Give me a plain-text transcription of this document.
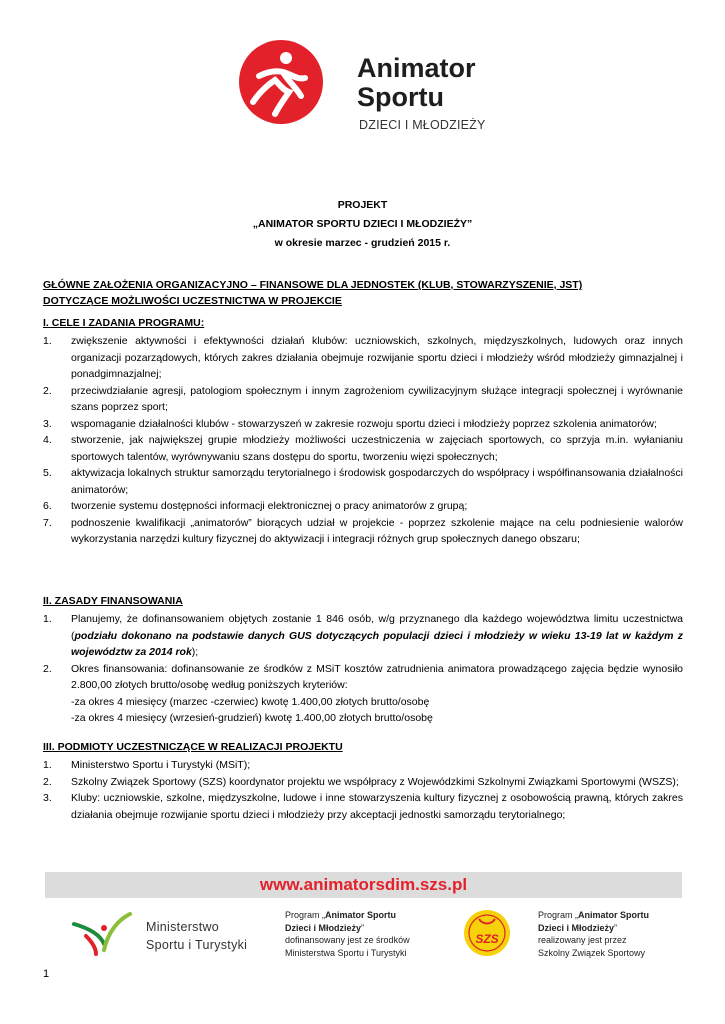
Animator
Sportu
DZIECI I MŁODZIEŻY
PROJEKT
„ANIMATOR SPORTU DZIECI I MŁODZIEŻY”
w okresie marzec - grudzień 2015 r.
GŁÓWNE ZAŁOŻENIA ORGANIZACYJNO – FINANSOWE DLA JEDNOSTEK (KLUB, STOWARZYSZENIE, JST)
DOTYCZĄCE MOŻLIWOŚCI UCZESTNICTWA W PROJEKCIE
I. CELE I ZADANIA PROGRAMU:
1.	zwiększenie aktywności i efektywności działań klubów: uczniowskich, szkolnych, międzyszkolnych, ludowych oraz innych organizacji pozarządowych, których zakres działania obejmuje rozwijanie sportu dzieci i młodzieży wśród młodzieży gimnazjalnej i ponadgimnazjalnej;
2.	przeciwdziałanie agresji, patologiom społecznym i innym zagrożeniom cywilizacyjnym służące integracji społecznej i wyrównanie szans poprzez sport;
3.	wspomaganie działalności klubów - stowarzyszeń w zakresie rozwoju sportu dzieci i młodzieży poprzez szkolenia animatorów;
4.	stworzenie, jak największej grupie młodzieży możliwości uczestniczenia w zajęciach sportowych, co sprzyja m.in. wyłanianiu sportowych talentów, wyrównywaniu szans dostępu do sportu, tworzeniu więzi społecznych;
5.	aktywizacja lokalnych struktur samorządu terytorialnego i środowisk gospodarczych do współpracy i współfinansowania działalności animatorów;
6.	tworzenie systemu dostępności informacji elektronicznej o pracy animatorów z grupą;
7.	podnoszenie kwalifikacji „animatorów” biorących udział w projekcie - poprzez szkolenie mające na celu podniesienie walorów wykorzystania narzędzi kultury fizycznej do aktywizacji i integracji różnych grup społecznych danego obszaru;
II. ZASADY FINANSOWANIA
1.	Planujemy, że dofinansowaniem objętych zostanie 1 846 osób, w/g przyznanego dla każdego województwa limitu uczestnictwa (podziału dokonano na podstawie danych GUS dotyczących populacji dzieci i młodzieży w wieku 13-19 lat w każdym z województw za 2014 rok);
2.	Okres finansowania: dofinansowanie ze środków z MSiT kosztów zatrudnienia animatora prowadzącego zajęcia będzie wynosiło 2.800,00 złotych brutto/osobę według poniższych kryteriów:
-za okres 4 miesięcy (marzec -czerwiec) kwotę 1.400,00 złotych brutto/osobę
-za okres 4 miesięcy (wrzesień-grudzień) kwotę 1.400,00 złotych brutto/osobę
III. PODMIOTY UCZESTNICZĄCE W REALIZACJI PROJEKTU
1.	Ministerstwo Sportu i Turystyki (MSiT);
2.	Szkolny Związek Sportowy (SZS) koordynator projektu we współpracy z Wojewódzkimi Szkolnymi Związkami Sportowymi (WSZS);
3.	Kluby: uczniowskie, szkolne, międzyszkolne, ludowe i inne stowarzyszenia kultury fizycznej z osobowością prawną, których zakres działania obejmuje rozwijanie sportu dzieci i młodzieży przy akceptacji jednostki samorządu terytorialnego;
www.animatorsdim.szs.pl
Ministerstwo
Sportu i Turystyki
Program „Animator Sportu
Dzieci i Młodzieży”
dofinansowany jest ze środków
Ministerstwa Sportu i Turystyki
SZS
Program „Animator Sportu
Dzieci i Młodzieży”
realizowany jest przez
Szkolny Związek Sportowy
1
